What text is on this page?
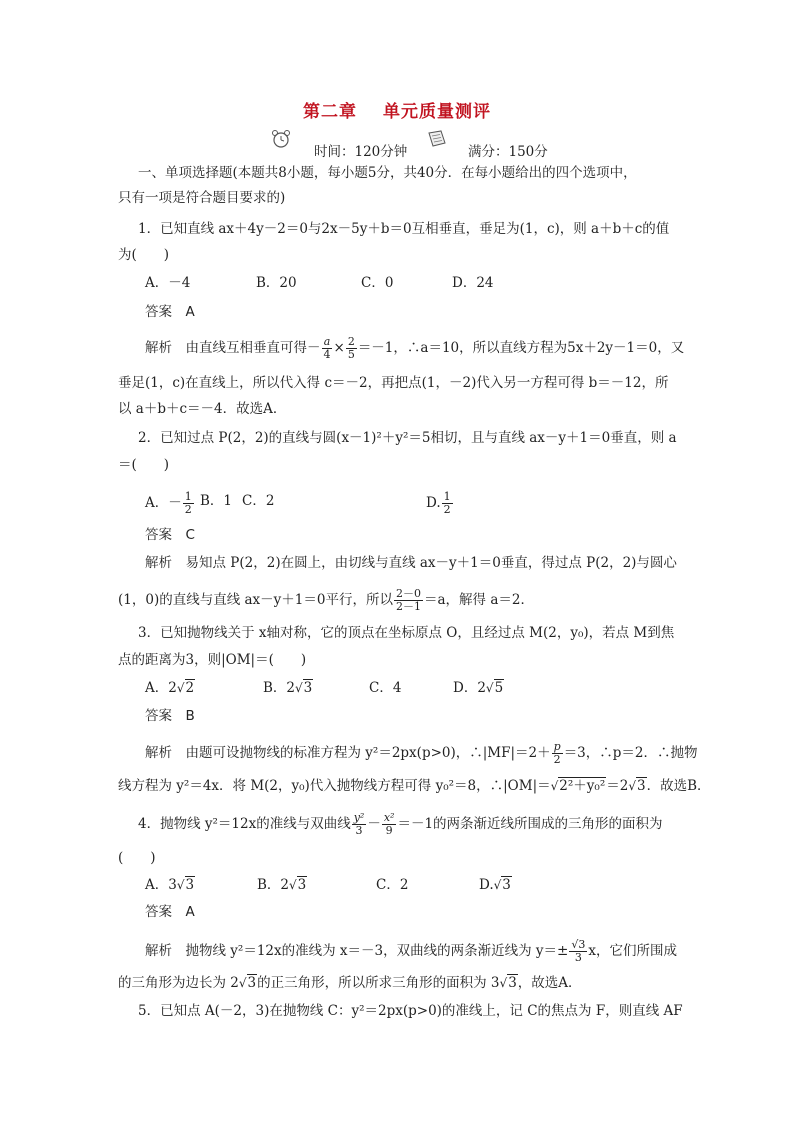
第二章 单元质量测评
时间：120分钟	满分：150分
一、单项选择题(本题共8小题，每小题5分，共40分．在每小题给出的四个选项中，
只有一项是符合题目要求的)
1．已知直线 ax＋4y－2＝0与2x－5y＋b＝0互相垂直，垂足为(1，c)，则 a＋b＋c的值
为(　　)
A．－4	B．20	C．0	D．24
答案　 A
解析　 由直线互相垂直可得－ $\frac{a}{4} \times \frac{2}{5} =-1$，∴a＝10，所以直线方程为5x＋2y－1＝0，又
垂足(1，c)在直线上，所以代入得 c＝－2，再把点(1，－2)代入另一方程可得 b＝－12，所
以 a＋b＋c＝－4．故选A．
2．已知过点 P(2，2)的直线与圆(x－1)²＋y²＝5相切，且与直线 ax－y＋1＝0垂直，则 a
＝(　　)
A．－ $\frac{1}{2}$ B．1 C．2	D. $\frac{1}{2}$
答案　 C
解析　 易知点 P(2，2)在圆上，由切线与直线 ax－y＋1＝0垂直，得过点 P(2，2)与圆心
(1，0)的直线与直线 ax－y＋1＝0平行，所以 $\frac{2-0}{2-1} =a$，解得 a＝2．
3．已知抛物线关于 x轴对称，它的顶点在坐标原点 O，且经过点 M(2，y₀)，若点 M到焦
点的距离为3，则|OM|＝(　　)
A．2√2	B．2√3	C．4	D．2√5
答案　 B
解析　 由题可设抛物线的标准方程为 y²＝2px(p>0)，∴|MF|＝2＋ $\frac{p}{2} =3$，∴p＝2．∴抛物
线方程为 y²＝4x．将 M(2，y₀)代入抛物线方程可得 y₀²＝8，∴|OM|＝√2²＋y₀²＝2√3．故选B．
4．抛物线 y²＝12x的准线与双曲线 $\frac{\text{y²}}{3} - \frac{\text{x²}}{9} =-1$的两条渐近线所围成的三角形的面积为
(　　)
A．3√3	B．2√3	C．2	D.√3
答案　 A
解析　 抛物线 y²＝12x的准线为 x＝－3，双曲线的两条渐近线为 $y=\pm \frac{√3}{3}$ x，它们所围成
的三角形为边长为 2√3的正三角形，所以所求三角形的面积为 3√3，故选A．
5．已知点 A(－2，3)在抛物线 C：y²＝2px(p>0)的准线上，记 C的焦点为 F，则直线 AF
